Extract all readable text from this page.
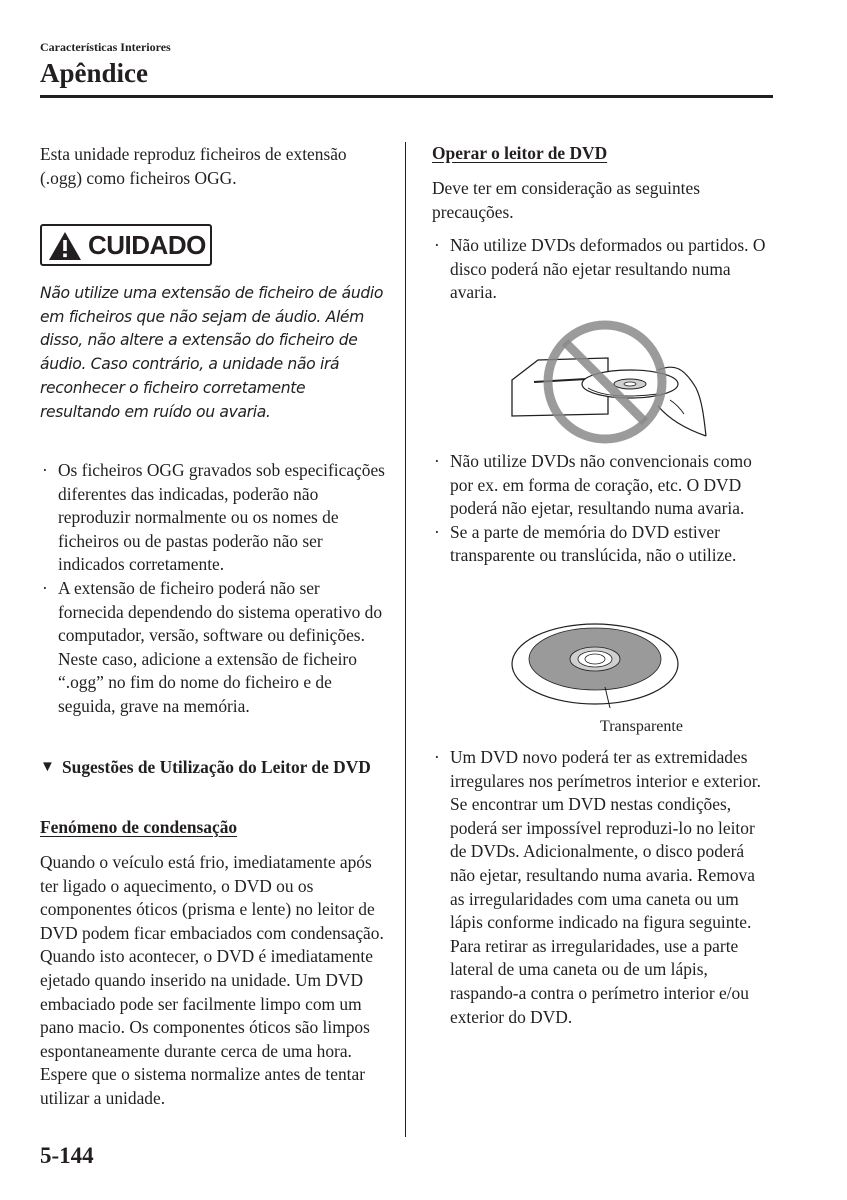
Características Interiores
Apêndice
Esta unidade reproduz ficheiros de extensão (.ogg) como ficheiros OGG.
CUIDADO
Não utilize uma extensão de ficheiro de áudio em ficheiros que não sejam de áudio. Além disso, não altere a extensão do ficheiro de áudio. Caso contrário, a unidade não irá reconhecer o ficheiro corretamente resultando em ruído ou avaria.
· Os ficheiros OGG gravados sob especificações diferentes das indicadas, poderão não reproduzir normalmente ou os nomes de ficheiros ou de pastas poderão não ser indicados corretamente.
· A extensão de ficheiro poderá não ser fornecida dependendo do sistema operativo do computador, versão, software ou definições. Neste caso, adicione a extensão de ficheiro “.ogg” no fim do nome do ficheiro e de seguida, grave na memória.
▼ Sugestões de Utilização do Leitor de DVD
Fenómeno de condensação
Quando o veículo está frio, imediatamente após ter ligado o aquecimento, o DVD ou os componentes óticos (prisma e lente) no leitor de DVD podem ficar embaciados com condensação. Quando isto acontecer, o DVD é imediatamente ejetado quando inserido na unidade. Um DVD embaciado pode ser facilmente limpo com um pano macio. Os componentes óticos são limpos espontaneamente durante cerca de uma hora. Espere que o sistema normalize antes de tentar utilizar a unidade.
Operar o leitor de DVD
Deve ter em consideração as seguintes precauções.
· Não utilize DVDs deformados ou partidos. O disco poderá não ejetar resultando numa avaria.
· Não utilize DVDs não convencionais como por ex. em forma de coração, etc. O DVD poderá não ejetar, resultando numa avaria.
· Se a parte de memória do DVD estiver transparente ou translúcida, não o utilize.
Transparente
· Um DVD novo poderá ter as extremidades irregulares nos perímetros interior e exterior. Se encontrar um DVD nestas condições, poderá ser impossível reproduzi-lo no leitor de DVDs. Adicionalmente, o disco poderá não ejetar, resultando numa avaria. Remova as irregularidades com uma caneta ou um lápis conforme indicado na figura seguinte. Para retirar as irregularidades, use a parte lateral de uma caneta ou de um lápis, raspando-a contra o perímetro interior e/ou exterior do DVD.
5-144
